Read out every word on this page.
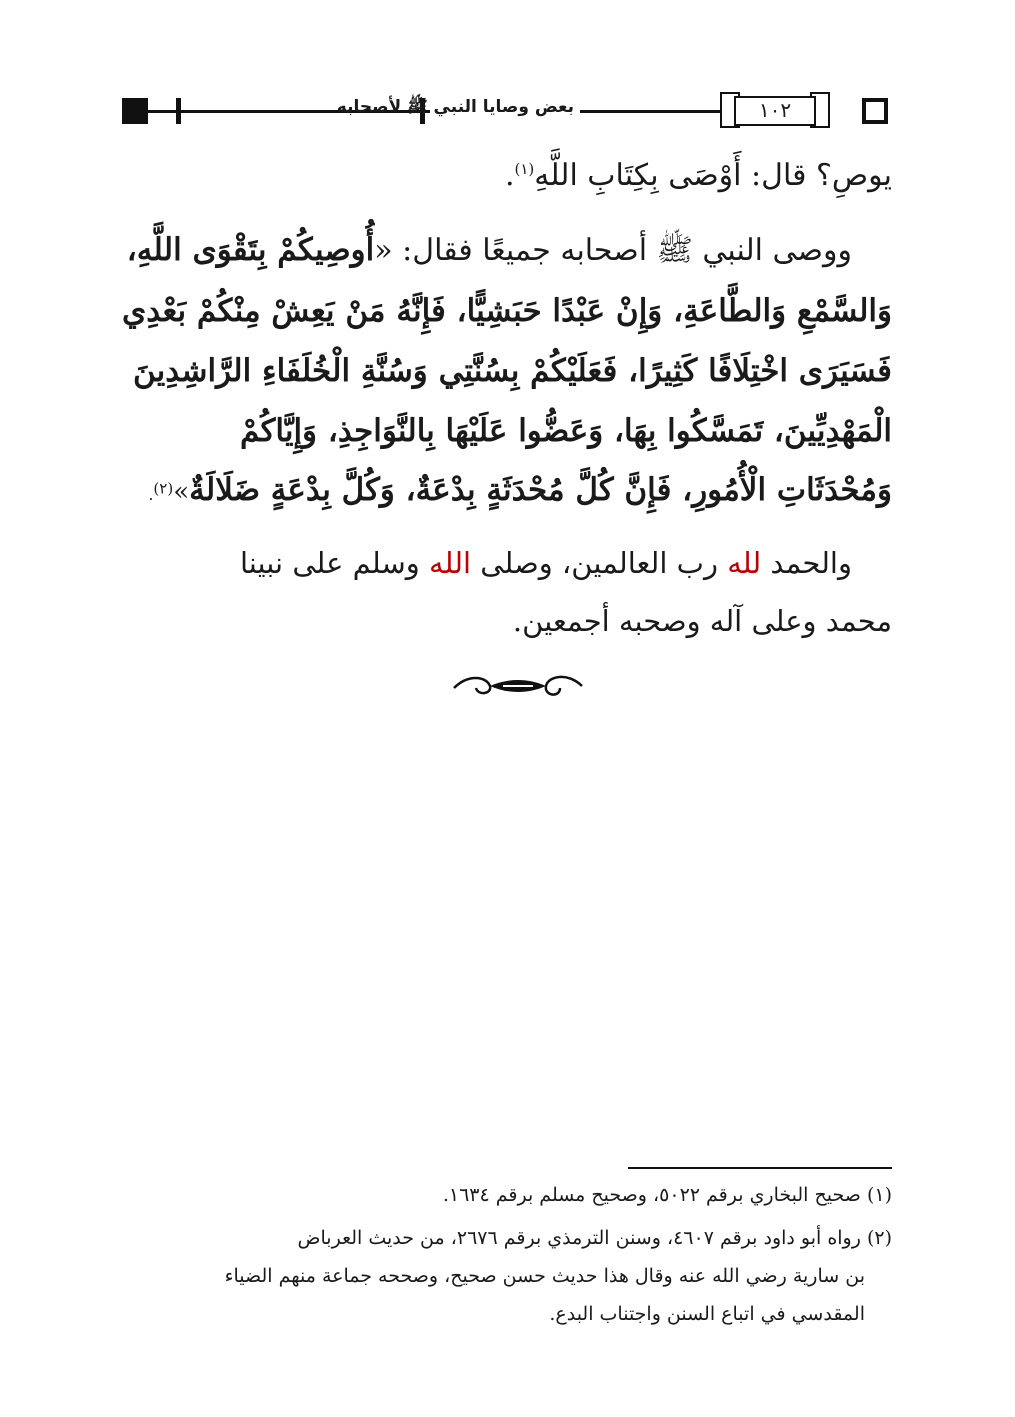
بعض وصايا النبي ﷺ لأصحابه	١٠٢
يوصِ؟ قال: أَوْصَى بِكِتَابِ اللَّهِ$^{(١)}$.
ووصى النبي ﷺ أصحابه جميعًا فقال: «أُوصِيكُمْ بِتَقْوَى اللَّهِ،
وَالسَّمْعِ وَالطَّاعَةِ، وَإِنْ عَبْدًا حَبَشِيًّا، فَإِنَّهُ مَنْ يَعِشْ مِنْكُمْ بَعْدِي
فَسَيَرَى اخْتِلَافًا كَثِيرًا، فَعَلَيْكُمْ بِسُنَّتِي وَسُنَّةِ الْخُلَفَاءِ الرَّاشِدِينَ
الْمَهْدِيِّينَ، تَمَسَّكُوا بِهَا، وَعَضُّوا عَلَيْهَا بِالنَّوَاجِذِ، وَإِيَّاكُمْ
وَمُحْدَثَاتِ الْأُمُورِ، فَإِنَّ كُلَّ مُحْدَثَةٍ بِدْعَةٌ، وَكُلَّ بِدْعَةٍ ضَلَالَةٌ»$^{(٢)}$.
والحمد لله رب العالمين، وصلى الله وسلم على نبينا
محمد وعلى آله وصحبه أجمعين.
(١) صحيح البخاري برقم ٥٠٢٢، وصحيح مسلم برقم ١٦٣٤.
(٢) رواه أبو داود برقم ٤٦٠٧، وسنن الترمذي برقم ٢٦٧٦، من حديث العرباض
بن سارية رضي الله عنه وقال هذا حديث حسن صحيح، وصححه جماعة منهم الضياء
المقدسي في اتباع السنن واجتناب البدع.
